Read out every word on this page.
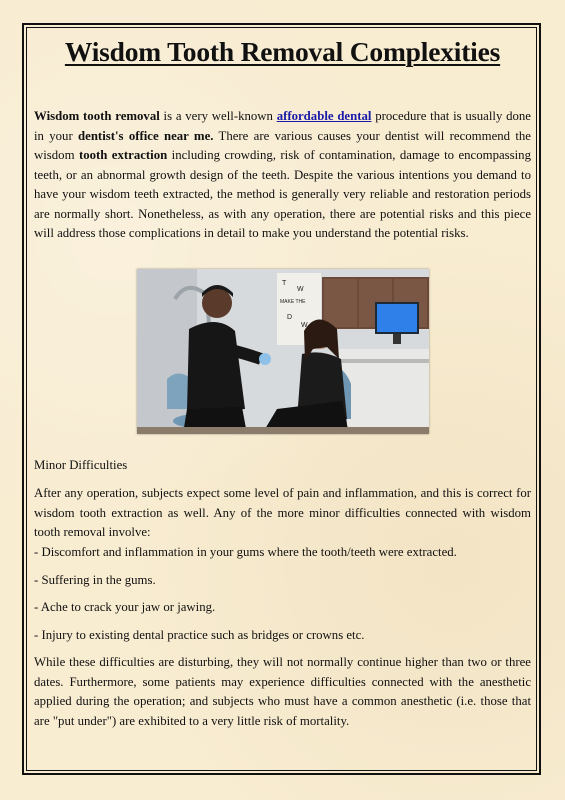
Wisdom Tooth Removal Complexities
Wisdom tooth removal is a very well-known affordable dental procedure that is usually done in your dentist's office near me. There are various causes your dentist will recommend the wisdom tooth extraction including crowding, risk of contamination, damage to encompassing teeth, or an abnormal growth design of the teeth. Despite the various intentions you demand to have your wisdom teeth extracted, the method is generally very reliable and restoration periods are normally short. Nonetheless, as with any operation, there are potential risks and this piece will address those complications in detail to make you understand the potential risks.
T
W
MAKE THE
D
W
Minor Difficulties
After any operation, subjects expect some level of pain and inflammation, and this is correct for wisdom tooth extraction as well. Any of the more minor difficulties connected with wisdom tooth removal involve:
- Discomfort and inflammation in your gums where the tooth/teeth were extracted.
- Suffering in the gums.
- Ache to crack your jaw or jawing.
- Injury to existing dental practice such as bridges or crowns etc.
While these difficulties are disturbing, they will not normally continue higher than two or three dates. Furthermore, some patients may experience difficulties connected with the anesthetic applied during the operation; and subjects who must have a common anesthetic (i.e. those that are "put under") are exhibited to a very little risk of mortality.
